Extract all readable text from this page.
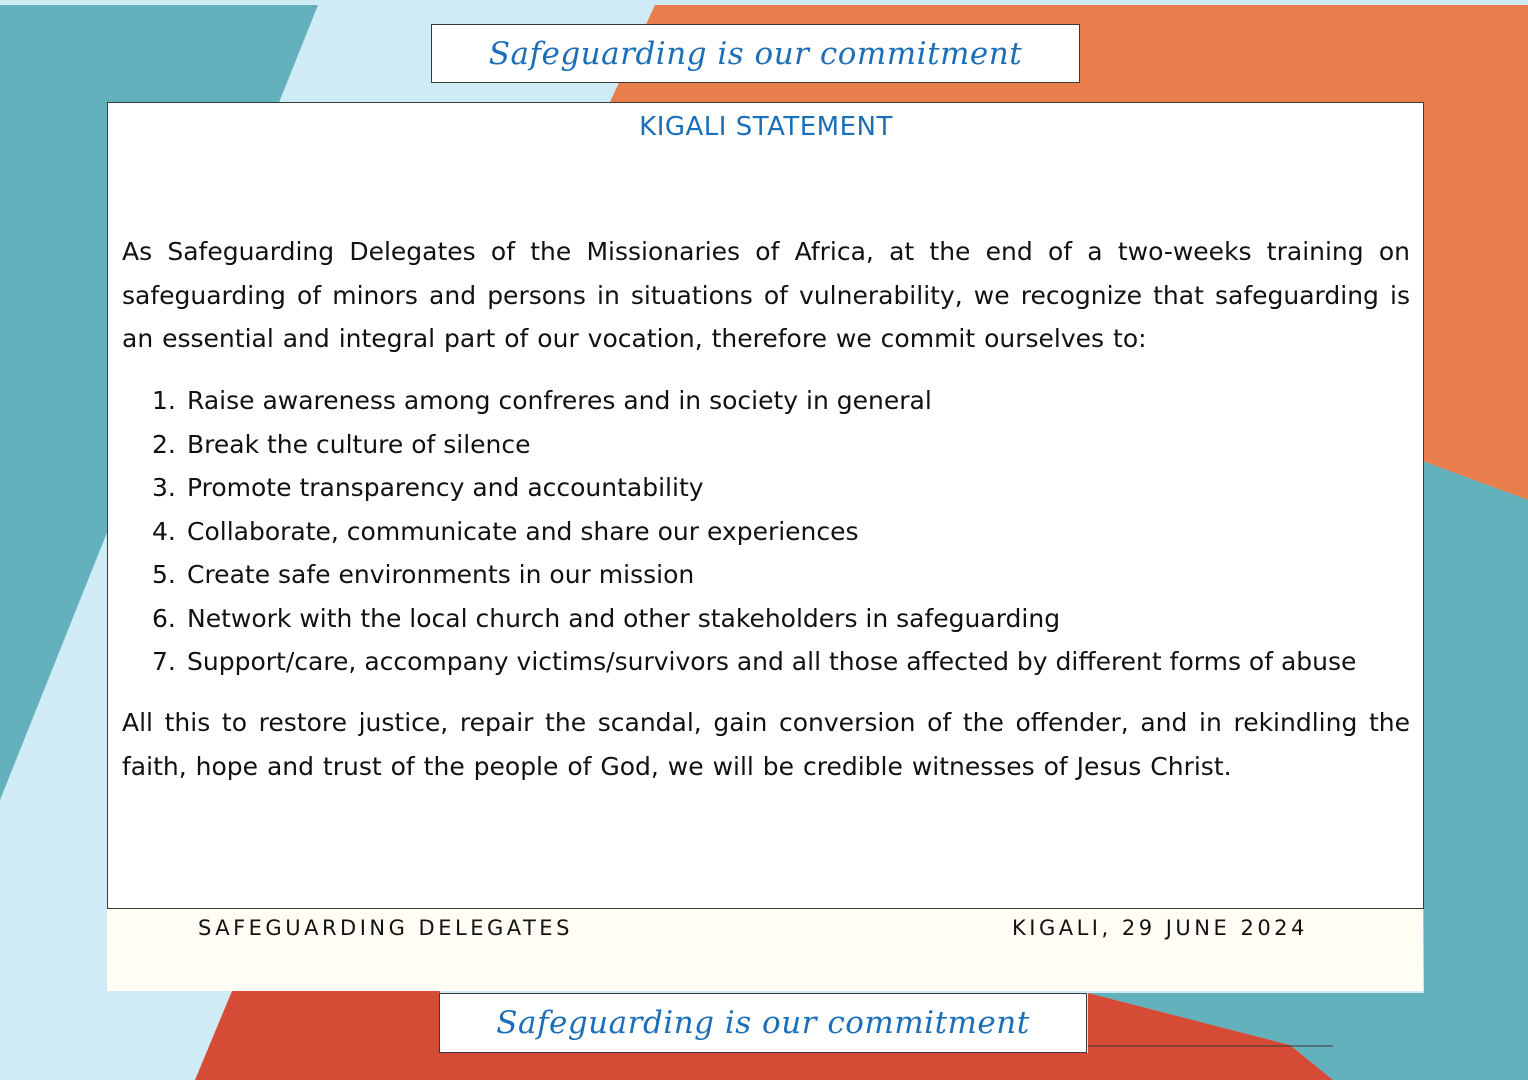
Safeguarding is our commitment
KIGALI STATEMENT

As Safeguarding Delegates of the Missionaries of Africa, at the end of a two-weeks training on safeguarding of minors and persons in situations of vulnerability, we recognize that safeguarding is an essential and integral part of our vocation, therefore we commit ourselves to:

1. Raise awareness among confreres and in society in general
2. Break the culture of silence
3. Promote transparency and accountability
4. Collaborate, communicate and share our experiences
5. Create safe environments in our mission
6. Network with the local church and other stakeholders in safeguarding
7. Support/care, accompany victims/survivors and all those affected by different forms of abuse

All this to restore justice, repair the scandal, gain conversion of the offender, and in rekindling the faith, hope and trust of the people of God, we will be credible witnesses of Jesus Christ.

SAFEGUARDING DELEGATES	KIGALI, 29 JUNE 2024
Safeguarding is our commitment
